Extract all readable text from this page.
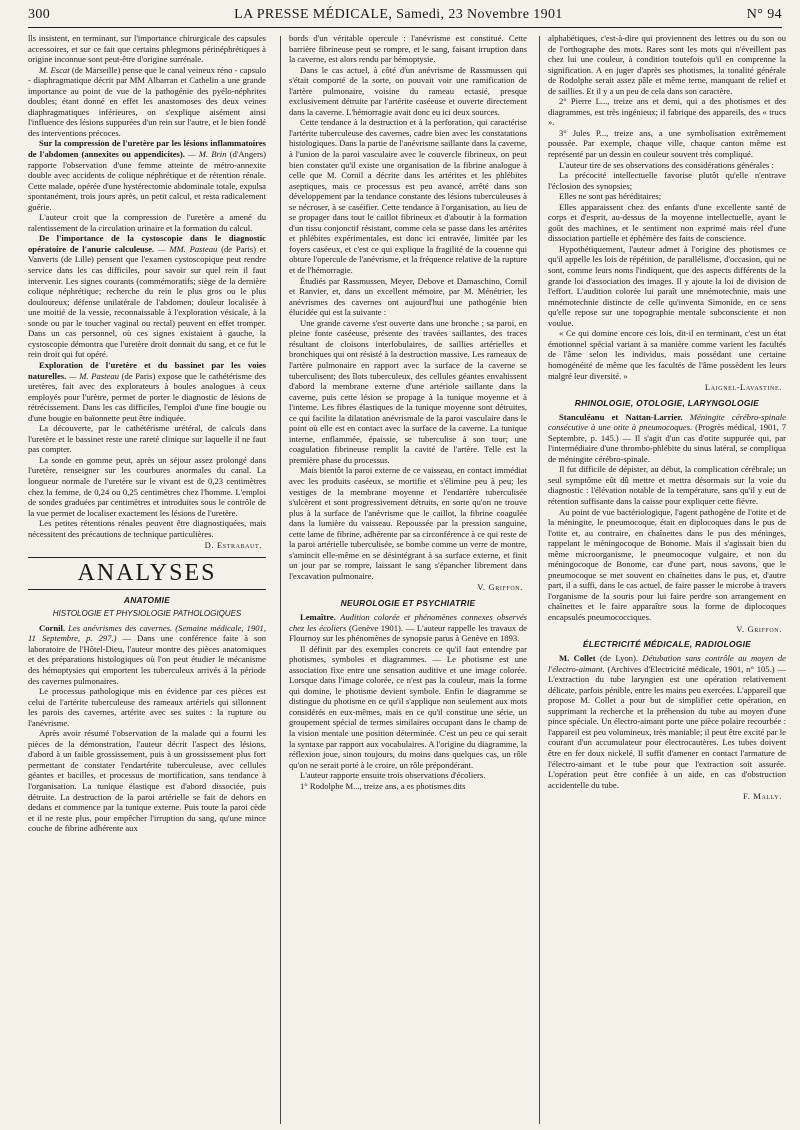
300	LA PRESSE MÉDICALE, Samedi, 23 Novembre 1901	N° 94

lls insistent, en terminant, sur l'importance chirurgicale des capsules accessoires, et sur ce fait que certains phlegmons périnéphrétiques à origine inconnue sont peut-être d'origine surrénale.

M. Escat (de Marseille) pense que le canal veineux réno - capsulo - diaphragmatique décrit par MM Albarran et Cathelin a une grande importance au point de vue de la pathogénie des pyélo-néphrites doubles; étant donné en effet les anastomoses des deux veines diaphragmatiques inférieures, on s'explique aisément ainsi l'influence des lésions suppurées d'un rein sur l'autre, et le bien fondé des interventions précoces.

Sur la compression de l'uretère par les lésions inflammatoires de l'abdomen (annexites ou appendicites). — M. Brin (d'Angers) rapporte l'observation d'une femme atteinte de métro-annexite double avec accidents de colique néphrétique et de rétention rénale. Cette malade, opérée d'une hystérectomie abdominale totale, expulsa spontanément, trois jours après, un petit calcul, et resta radicalement guérie.

L'auteur croit que la compression de l'uretère a amené du ralentissement de la circulation urinaire et la formation du calcul.

De l'importance de la cystoscopie dans le diagnostic opératoire de l'anurie calculeuse. — MM. Pasteau (de Paris) et Vanverts (de Lille) pensent que l'examen cystoscopique peut rendre service dans les cas difficiles, pour savoir sur quel rein il faut intervenir. Les signes courants (commémoratifs; siège de la dernière colique néphrétique; recherche du rein le plus gros ou le plus douloureux; défense unilatérale de l'abdomen; douleur localisée à une moitié de la vessie, reconnaissable à l'exploration vésicale, à la sonde ou par le toucher vaginal ou rectal) peuvent en effet tromper. Dans un cas personnel, où ces signes existaient à gauche, la cystoscopie démontra que l'uretère droit donnait du sang, et ce fut le rein droit qui fut opéré.

Exploration de l'uretère et du bassinet par les voies naturelles. — M. Pasteau (de Paris) expose que le cathétérisme des uretères, fait avec des explorateurs à boules analogues à ceux employés pour l'urètre, permet de porter le diagnostic de lésions de rétrécissement. Dans les cas difficiles, l'emploi d'une fine bougie ou d'une bougie en baïonnette peut être indiquée.

La découverte, par le cathétérisme urétéral, de calculs dans l'uretère et le bassinet reste une rareté clinique sur laquelle il ne faut pas compter.

La sonde en gomme peut, après un séjour assez prolongé dans l'uretère, renseigner sur les courbures anormales du canal. La longueur normale de l'uretère sur le vivant est de 0,23 centimètres chez la femme, de 0,24 ou 0,25 centimètres chez l'homme. L'emploi de sondes graduées par centimètres et introduites sous le contrôle de la vue permet de localiser exactement les lésions de l'uretère.

Les petites rétentions rénales peuvent être diagnostiquées, mais nécessitent des précautions de technique particulières.

D. Estrabaut.

ANALYSES
ANATOMIE
HISTOLOGIE ET PHYSIOLOGIE PATHOLOGIQUES

Cornil. Les anévrismes des cavernes. (Semaine médicale, 1901, 11 Septembre, p. 297.) — Dans une conférence faite à son laboratoire de l'Hôtel-Dieu, l'auteur montre des pièces anatomiques et des préparations histologiques où l'on peut étudier le mécanisme des hémoptysies qui emportent les tuberculeux arrivés à la période des cavernes pulmonaires.

Le processus pathologique mis en évidence par ces pièces est celui de l'artérite tuberculeuse des rameaux artériels qui sillonnent les parois des cavernes, artérite avec ses suites : la rupture ou l'anévrisme.

Après avoir résumé l'observation de la malade qui a fourni les pièces de la démonstration, l'auteur décrit l'aspect des lésions, d'abord à un faible grossissement, puis à un grossissement plus fort permettant de constater l'endartérite tuberculeuse, avec cellules géantes et bacilles, et processus de mortification, sans tendance à l'organisation. La tunique élastique est d'abord dissociée, puis détruite. La destruction de la paroi artérielle se fait de dehors en dedans et commence par la tunique externe. Puis toute la paroi cède et il ne reste plus, pour empêcher l'irruption du sang, qu'une mince couche de fibrine adhérente aux

bords d'un véritable opercule : l'anévrisme est constitué. Cette barrière fibrineuse peut se rompre, et le sang, faisant irruption dans la caverne, est alors rendu par hémoptysie.

Dans le cas actuel, à côté d'un anévrisme de Rassmussen qui s'était comporté de la sorte, on pouvait voir une ramification de l'artère pulmonaire, voisine du rameau ectasié, presque exclusivement détruite par l'artérite caséeuse et ouverte directement dans la caverne. L'hémorragie avait donc eu ici deux sources.

Cette tendance à la destruction et à la perforation, qui caractérise l'artérite tuberculeuse des cavernes, cadre bien avec les constatations histologiques. Dans la partie de l'anévrisme saillante dans la caverne, à l'union de la paroi vasculaire avec le couvercle fibrineux, on peut bien constater qu'il existe une organisation de la fibrine analogue à celle que M. Cornil a décrite dans les artérites et les phlébites aseptiques, mais ce processus est peu avancé, arrêté dans son développement par la tendance constante des lésions tuberculeuses à se nécroser, à se caséifier. Cette tendance à l'organisation, au lieu de se propager dans tout le caillot fibrineux et d'aboutir à la formation d'un tissu conjonctif résistant, comme cela se passe dans les artérites et phlébites expérimentales, est donc ici entravée, limitée par les foyers caséeux, et c'est ce qui explique la fragilité de la couenne qui obture l'opercule de l'anévrisme, et la fréquence relative de la rupture et de l'hémorragie.

Étudiés par Rassmussen, Meyer, Debove et Damaschino, Cornil et Ranvier, et, dans un excellent mémoire, par M. Ménétrier, les anévrismes des cavernes ont aujourd'hui une pathogénie bien élucidée qui est la suivante :

Une grande caverne s'est ouverte dans une bronche ; sa paroi, en pleine fonte caséeuse, présente des travées saillantes, des traces résultant de cloisons interlobulaires, de saillies artérielles et bronchiques qui ont résisté à la destruction massive. Les rameaux de l'artère pulmonaire en rapport avec la surface de la caverne se tuberculisent; des îlots tuberculeux, des cellules géantes envahissent d'abord la membrane externe d'une artériole saillante dans la caverne, puis cette lésion se propage à la tunique moyenne et à l'interne. Les fibres élastiques de la tunique moyenne sont détruites, ce qui facilite la dilatation anévrismale de la paroi vasculaire dans le point où elle est en contact avec la surface de la caverne. La tunique interne, enflammée, épaissie, se tuberculise à son tour; une coagulation fibrineuse remplit la cavité de l'artère. Telle est la première phase du processus.

Mais bientôt la paroi externe de ce vaisseau, en contact immédiat avec les produits caséeux, se mortifie et s'élimine peu à peu; les vestiges de la membrane moyenne et l'endartère tuberculisée s'ulcèrent et sont progressivement détruits, en sorte qu'on ne trouve plus à la surface de l'anévrisme que le caillot, la fibrine coagulée dans la lumière du vaisseau. Repoussée par la pression sanguine, cette lame de fibrine, adhérente par sa circonférence à ce qui reste de la paroi artérielle tuberculisée, se bombe comme un verre de montre, s'amincit elle-même en se désintégrant à sa surface externe, et finit un jour par se rompre, laissant le sang s'épancher librement dans l'excavation pulmonaire.

V. Griffon.

NEUROLOGIE ET PSYCHIATRIE

Lemaître. Audition colorée et phénomènes connexes observés chez les écoliers (Genève 1901). — L'auteur rappelle les travaux de Flournoy sur les phénomènes de synopsie parus à Genève en 1893.

Il définit par des exemples concrets ce qu'il faut entendre par photismes, symboles et diagrammes. — Le photisme est une association fixe entre une sensation auditive et une image colorée. Lorsque dans l'image colorée, ce n'est pas la couleur, mais la forme qui domine, le photisme devient symbole. Enfin le diagramme se distingue du photisme en ce qu'il s'applique non seulement aux mots considérés en eux-mêmes, mais en ce qu'il constitue une série, un groupement spécial de termes similaires occupant dans le champ de la vision mentale une position déterminée. C'est un peu ce qui serait la syntaxe par rapport aux vocabulaires. A l'origine du diagramme, la réflexion joue, sinon toujours, du moins dans quelques cas, un rôle qu'on ne serait porté à le croire, un rôle prépondérant.

L'auteur rapporte ensuite trois observations d'écoliers.

1° Rodolphe M..., treize ans, a es photismes dits

alphabétiques, c'est-à-dire qui proviennent des lettres ou du son ou de l'orthographe des mots. Rares sont les mots qui n'éveillent pas chez lui une couleur, à condition toutefois qu'il en comprenne la signification. A en juger d'après ses photismes, la tonalité générale de Rodolphe serait assez pâle et même terne, manquant de relief et de saillies. Et il y a un peu de cela dans son caractère.

2° Pierre L..., treize ans et demi, qui a des photismes et des diagrammes, est très ingénieux; il fabrique des appareils, des « trucs ».

3° Jules P..., treize ans, a une symbolisation extrêmement poussée. Par exemple, chaque ville, chaque canton même est représenté par un dessin en couleur souvent très compliqué.

L'auteur tire de ses observations des considérations générales :

La précocité intellectuelle favorise plutôt qu'elle n'entrave l'éclosion des synopsies;

Elles ne sont pas héréditaires;

Elles apparaissent chez des enfants d'une excellente santé de corps et d'esprit, au-dessus de la moyenne intellectuelle, ayant le goût des machines, et le sentiment non exprimé mais réel d'une dissociation partielle et éphémère des faits de conscience.

Hypothétiquement, l'auteur admet à l'origine des photismes ce qu'il appelle les lois de répétition, de parallélisme, d'occasion, qui ne sont, comme leurs noms l'indiquent, que des aspects différents de la grande loi d'association des images. Il y ajoute la loi de division de l'effort. L'audition colorée lui paraît une mnémotechnie, mais une mnémotechnie distincte de celle qu'inventa Simonide, en ce sens qu'elle repose sur une topographie mentale subconsciente et non voulue.

« Ce qui domine encore ces lois, dit-il en terminant, c'est un état émotionnel spécial variant à sa manière comme varient les facultés de l'âme selon les individus, mais possédant une certaine homogénéité de même que les facultés de l'âme possèdent les leurs malgré leur diversité. »

Laignel-Lavastine.

RHINOLOGIE, OTOLOGIE, LARYNGOLOGIE

Stanculéanu et Nattan-Larrier. Méningite cérébro-spinale consécutive à une otite à pneumocoques. (Progrès médical, 1901, 7 Septembre, p. 145.) — Il s'agit d'un cas d'otite suppurée qui, par l'intermédiaire d'une thrombo-phlébite du sinus latéral, se compliqua de méningite cérébro-spinale.

Il fut difficile de dépister, au début, la complication cérébrale; un seul symptôme eût dû mettre et mettra désormais sur la voie du diagnostic : l'élévation notable de la température, sans qu'il y eut de rétention suffisante dans la caisse pour expliquer cette fièvre.

Au point de vue bactériologique, l'agent pathogène de l'otite et de la méningite, le pneumocoque, était en diplocoques dans le pus de l'otite et, au contraire, en chaînettes dans le pus des méninges, rappelant le méningocoque de Bonome. Mais il s'agissait bien du même microorganisme, le pneumocoque vulgaire, et non du méningocoque de Bonome, car d'une part, nous savons, que le pneumocoque se met souvent en chaînettes dans le pus, et, d'autre part, il a suffi, dans le cas actuel, de faire passer le microbe à travers l'organisme de la souris pour lui faire perdre son arrangement en chaînettes et le faire apparaître sous la forme de diplocoques encapsulés pneumococciques.

V. Griffon.

ÉLECTRICITÉ MÉDICALE, RADIOLOGIE

M. Collet (de Lyon). Détubation sans contrôle au moyen de l'électro-aimant. (Archives d'Electricité médicale, 1901, n° 105.) — L'extraction du tube laryngien est une opération relativement délicate, parfois pénible, entre les mains peu exercées. L'appareil que propose M. Collet a pour but de simplifier cette opération, en supprimant la recherche et la préhension du tube au moyen d'une pince spéciale. Un électro-aimant porte une pièce polaire recourbée : l'appareil est peu volumineux, très maniable; il peut être excité par le courant d'un accumulateur pour électrocautères. Les tubes doivent être en fer doux nickelé. Il suffit d'amener en contact l'armature de l'électro-aimant et le tube pour que l'extraction soit assurée. L'opération peut être confiée à un aide, en cas d'obstruction accidentelle du tube.

F. Mally.
